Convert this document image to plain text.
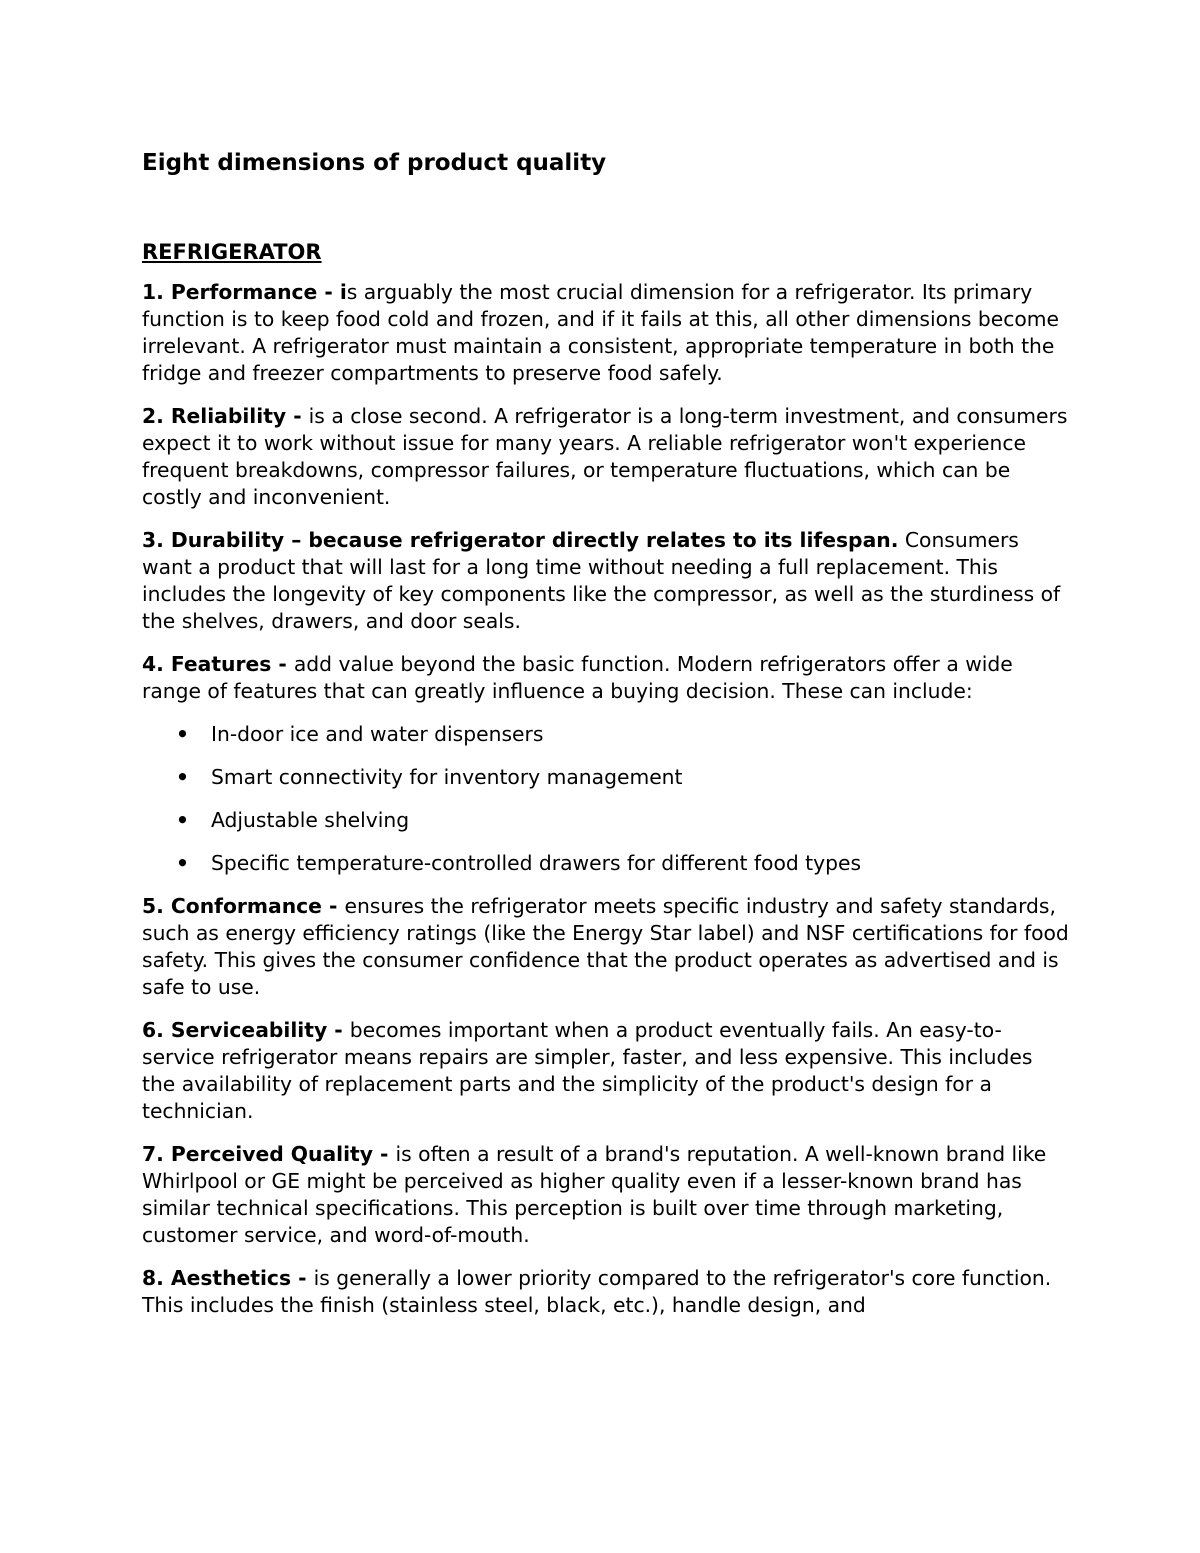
Eight dimensions of product quality
REFRIGERATOR

1. Performance - is arguably the most crucial dimension for a refrigerator. Its primary function is to keep food cold and frozen, and if it fails at this, all other dimensions become irrelevant. A refrigerator must maintain a consistent, appropriate temperature in both the fridge and freezer compartments to preserve food safely.

2. Reliability - is a close second. A refrigerator is a long-term investment, and consumers expect it to work without issue for many years. A reliable refrigerator won't experience frequent breakdowns, compressor failures, or temperature fluctuations, which can be costly and inconvenient.

3. Durability – because refrigerator directly relates to its lifespan. Consumers want a product that will last for a long time without needing a full replacement. This includes the longevity of key components like the compressor, as well as the sturdiness of the shelves, drawers, and door seals.

4. Features - add value beyond the basic function. Modern refrigerators offer a wide range of features that can greatly influence a buying decision. These can include:

• In-door ice and water dispensers
• Smart connectivity for inventory management
• Adjustable shelving
• Specific temperature-controlled drawers for different food types

5. Conformance - ensures the refrigerator meets specific industry and safety standards, such as energy efficiency ratings (like the Energy Star label) and NSF certifications for food safety. This gives the consumer confidence that the product operates as advertised and is safe to use.

6. Serviceability - becomes important when a product eventually fails. An easy-to-service refrigerator means repairs are simpler, faster, and less expensive. This includes the availability of replacement parts and the simplicity of the product's design for a technician.

7. Perceived Quality - is often a result of a brand's reputation. A well-known brand like Whirlpool or GE might be perceived as higher quality even if a lesser-known brand has similar technical specifications. This perception is built over time through marketing, customer service, and word-of-mouth.

8. Aesthetics - is generally a lower priority compared to the refrigerator's core function. This includes the finish (stainless steel, black, etc.), handle design, and
